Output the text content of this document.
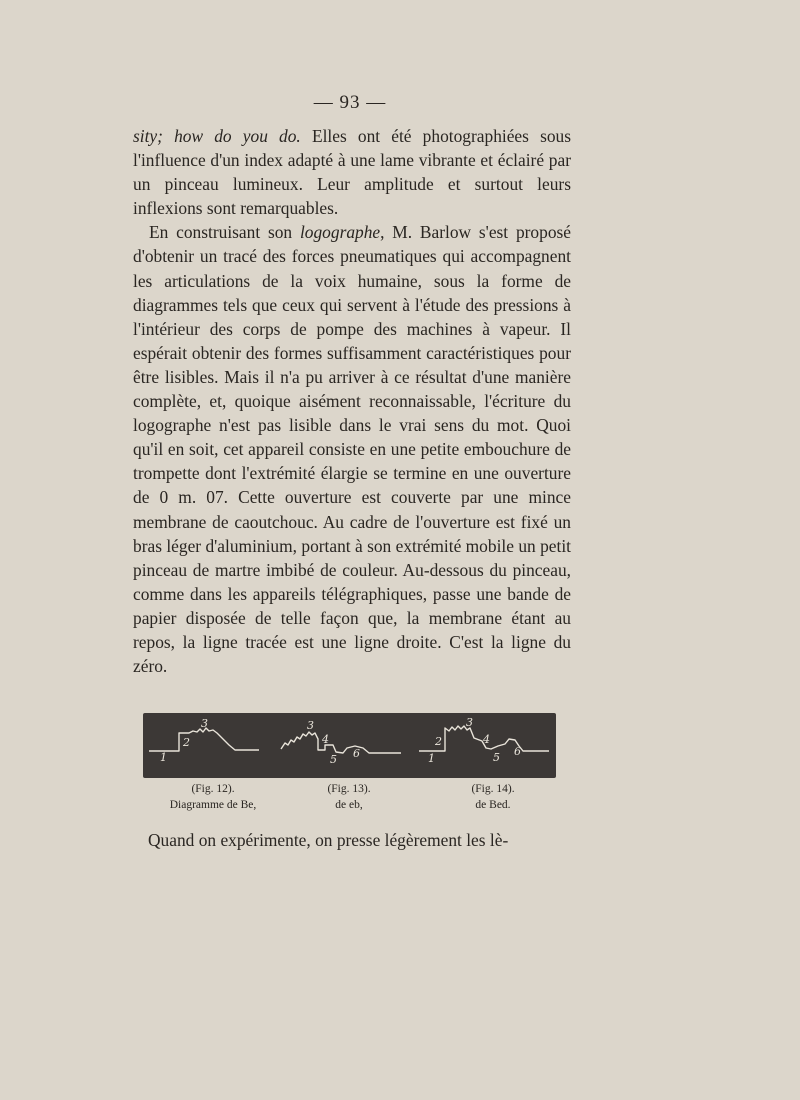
— 93 —

sity; how do you do. Elles ont été photographiées sous l'influence d'un index adapté à une lame vibrante et éclairé par un pinceau lumineux. Leur amplitude et surtout leurs inflexions sont remarquables.

En construisant son logographe, M. Barlow s'est proposé d'obtenir un tracé des forces pneumatiques qui accompagnent les articulations de la voix humaine, sous la forme de diagrammes tels que ceux qui servent à l'étude des pressions à l'intérieur des corps de pompe des machines à vapeur. Il espérait obtenir des formes suffisamment caractéristiques pour être lisibles. Mais il n'a pu arriver à ce résultat d'une manière complète, et, quoique aisément reconnaissable, l'écriture du logographe n'est pas lisible dans le vrai sens du mot. Quoi qu'il en soit, cet appareil consiste en une petite embouchure de trompette dont l'extrémité élargie se termine en une ouverture de 0 m. 07. Cette ouverture est couverte par une mince membrane de caoutchouc. Au cadre de l'ouverture est fixé un bras léger d'aluminium, portant à son extrémité mobile un petit pinceau de martre imbibé de couleur. Au-dessous du pinceau, comme dans les appareils télégraphiques, passe une bande de papier disposée de telle façon que, la membrane étant au repos, la ligne tracée est une ligne droite. C'est la ligne du zéro.

1
2
3	3
4
5 6	1
2
3
4
5 6
(Fig. 12).
Diagramme de Be,
(Fig. 13).
de eb,
(Fig. 14).
de Bed.
Quand on expérimente, on presse légèrement les lè-
